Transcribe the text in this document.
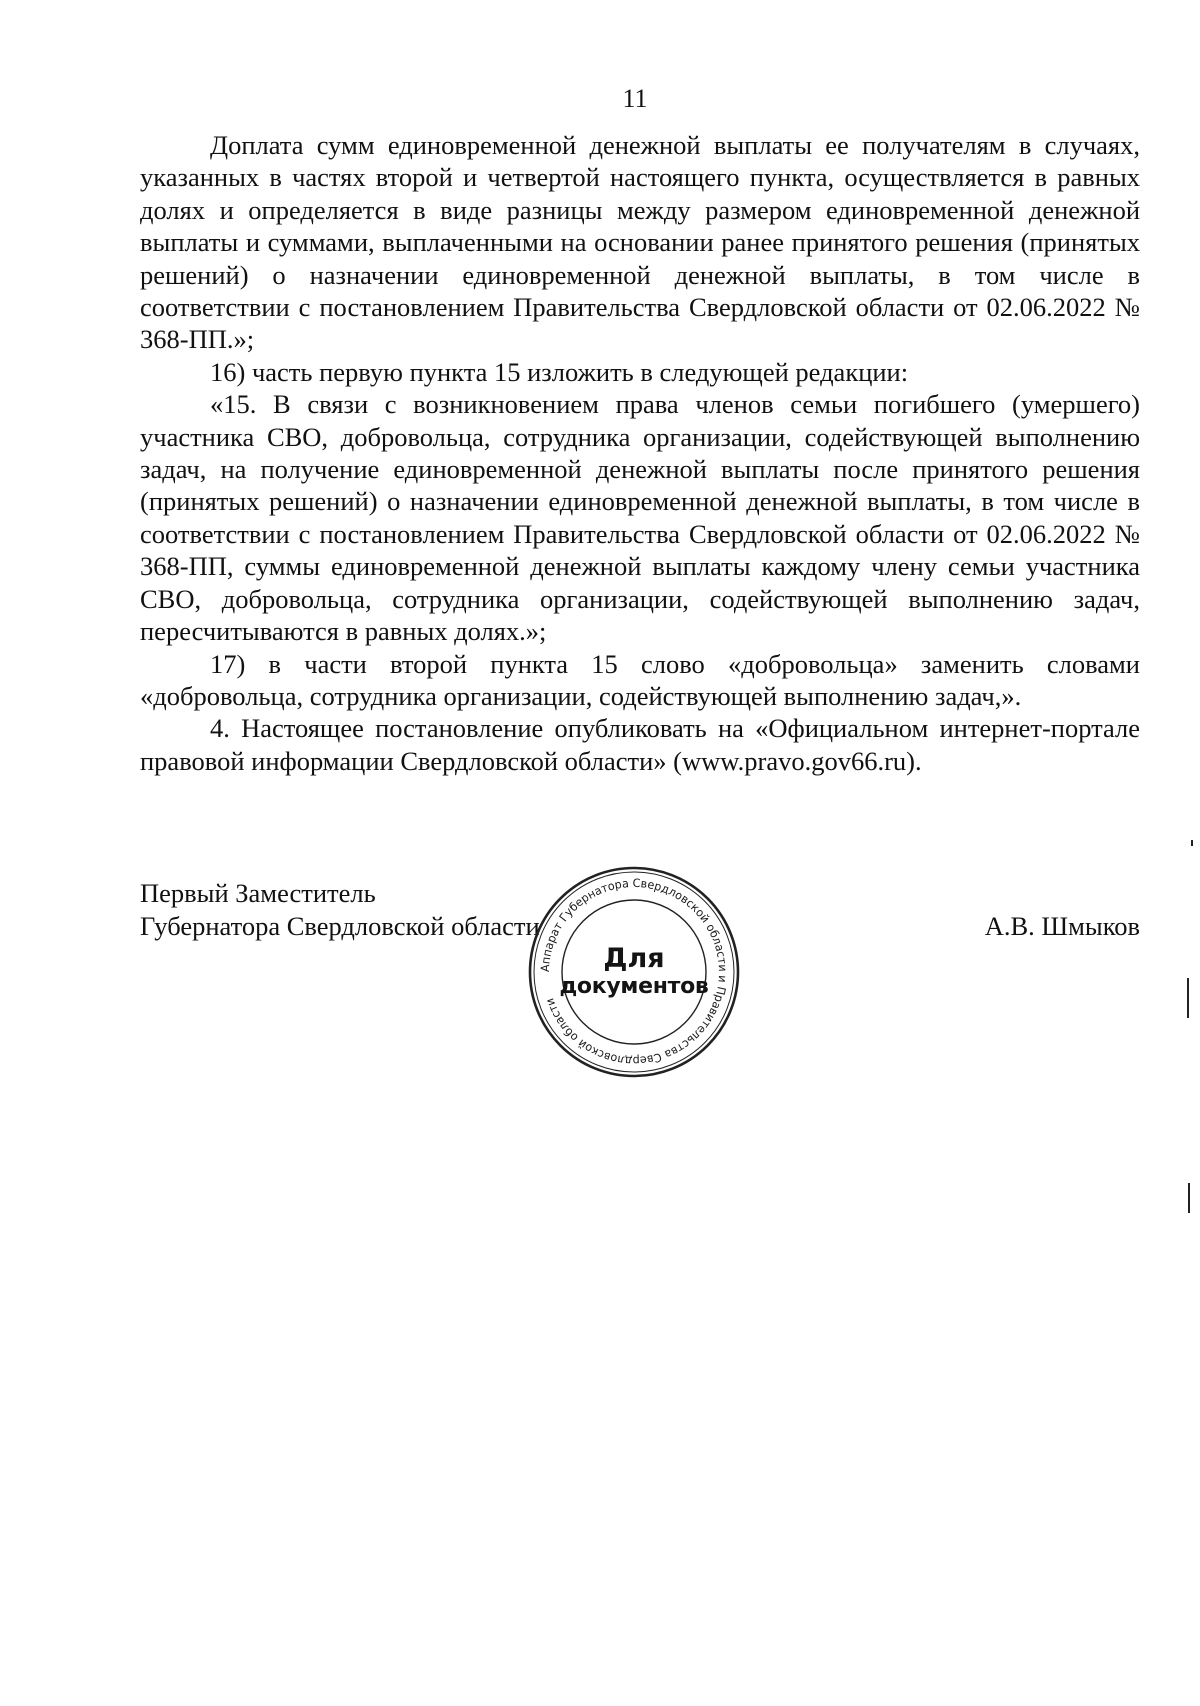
11

Доплата сумм единовременной денежной выплаты ее получателям в случаях, указанных в частях второй и четвертой настоящего пункта, осуществляется в равных долях и определяется в виде разницы между размером единовременной денежной выплаты и суммами, выплаченными на основании ранее принятого решения (принятых решений) о назначении единовременной денежной выплаты, в том числе в соответствии с постановлением Правительства Свердловской области от 02.06.2022 № 368-ПП.»;

16) часть первую пункта 15 изложить в следующей редакции:

«15. В связи с возникновением права членов семьи погибшего (умершего) участника СВО, добровольца, сотрудника организации, содействующей выполнению задач, на получение единовременной денежной выплаты после принятого решения (принятых решений) о назначении единовременной денежной выплаты, в том числе в соответствии с постановлением Правительства Свердловской области от 02.06.2022 № 368-ПП, суммы единовременной денежной выплаты каждому члену семьи участника СВО, добровольца, сотрудника организации, содействующей выполнению задач, пересчитываются в равных долях.»;

17) в части второй пункта 15 слово «добровольца» заменить словами «добровольца, сотрудника организации, содействующей выполнению задач,».

4. Настоящее постановление опубликовать на «Официальном интернет-портале правовой информации Свердловской области» (www.pravo.gov66.ru).

Первый Заместитель
Губернатора Свердловской области	А.В. Шмыков
Аппарат Губернатора Свердловской области и Правительства Свердловской области
Для
документов
